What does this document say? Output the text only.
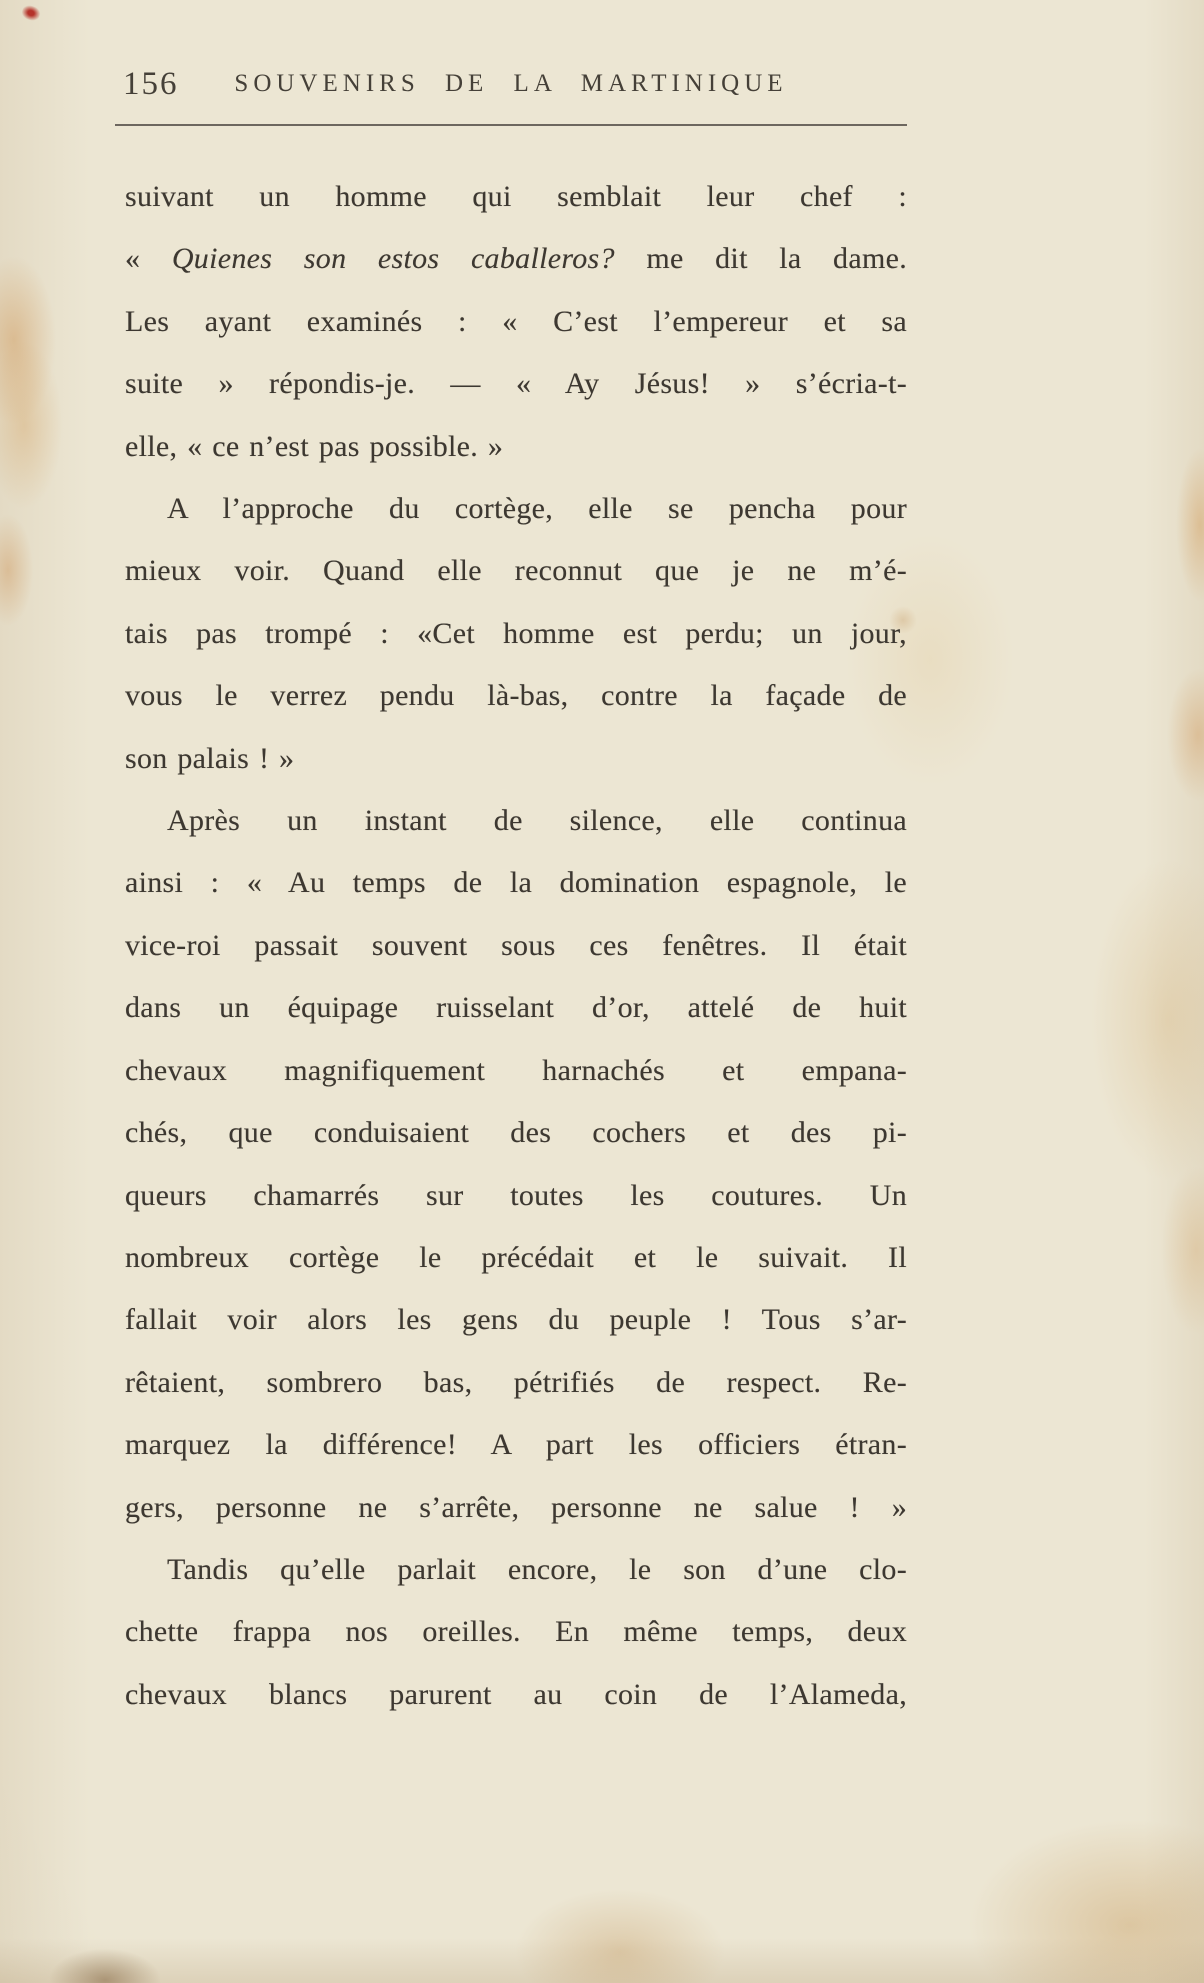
156	SOUVENIRS DE LA MARTINIQUE
suivant un homme qui semblait leur chef :
« Quienes son estos caballeros? me dit la dame.
Les ayant examinés : « C’est l’empereur et sa
suite » répondis-je. — « Ay Jésus! » s’écria-t-
elle, « ce n’est pas possible. »
A l’approche du cortège, elle se pencha pour
mieux voir. Quand elle reconnut que je ne m’é-
tais pas trompé : «Cet homme est perdu; un jour,
vous le verrez pendu là-bas, contre la façade de
son palais ! »
Après un instant de silence, elle continua
ainsi : « Au temps de la domination espagnole, le
vice-roi passait souvent sous ces fenêtres. Il était
dans un équipage ruisselant d’or, attelé de huit
chevaux magnifiquement harnachés et empana-
chés, que conduisaient des cochers et des pi-
queurs chamarrés sur toutes les coutures. Un
nombreux cortège le précédait et le suivait. Il
fallait voir alors les gens du peuple ! Tous s’ar-
rêtaient, sombrero bas, pétrifiés de respect. Re-
marquez la différence! A part les officiers étran-
gers, personne ne s’arrête, personne ne salue ! »
Tandis qu’elle parlait encore, le son d’une clo-
chette frappa nos oreilles. En même temps, deux
chevaux blancs parurent au coin de l’Alameda,
